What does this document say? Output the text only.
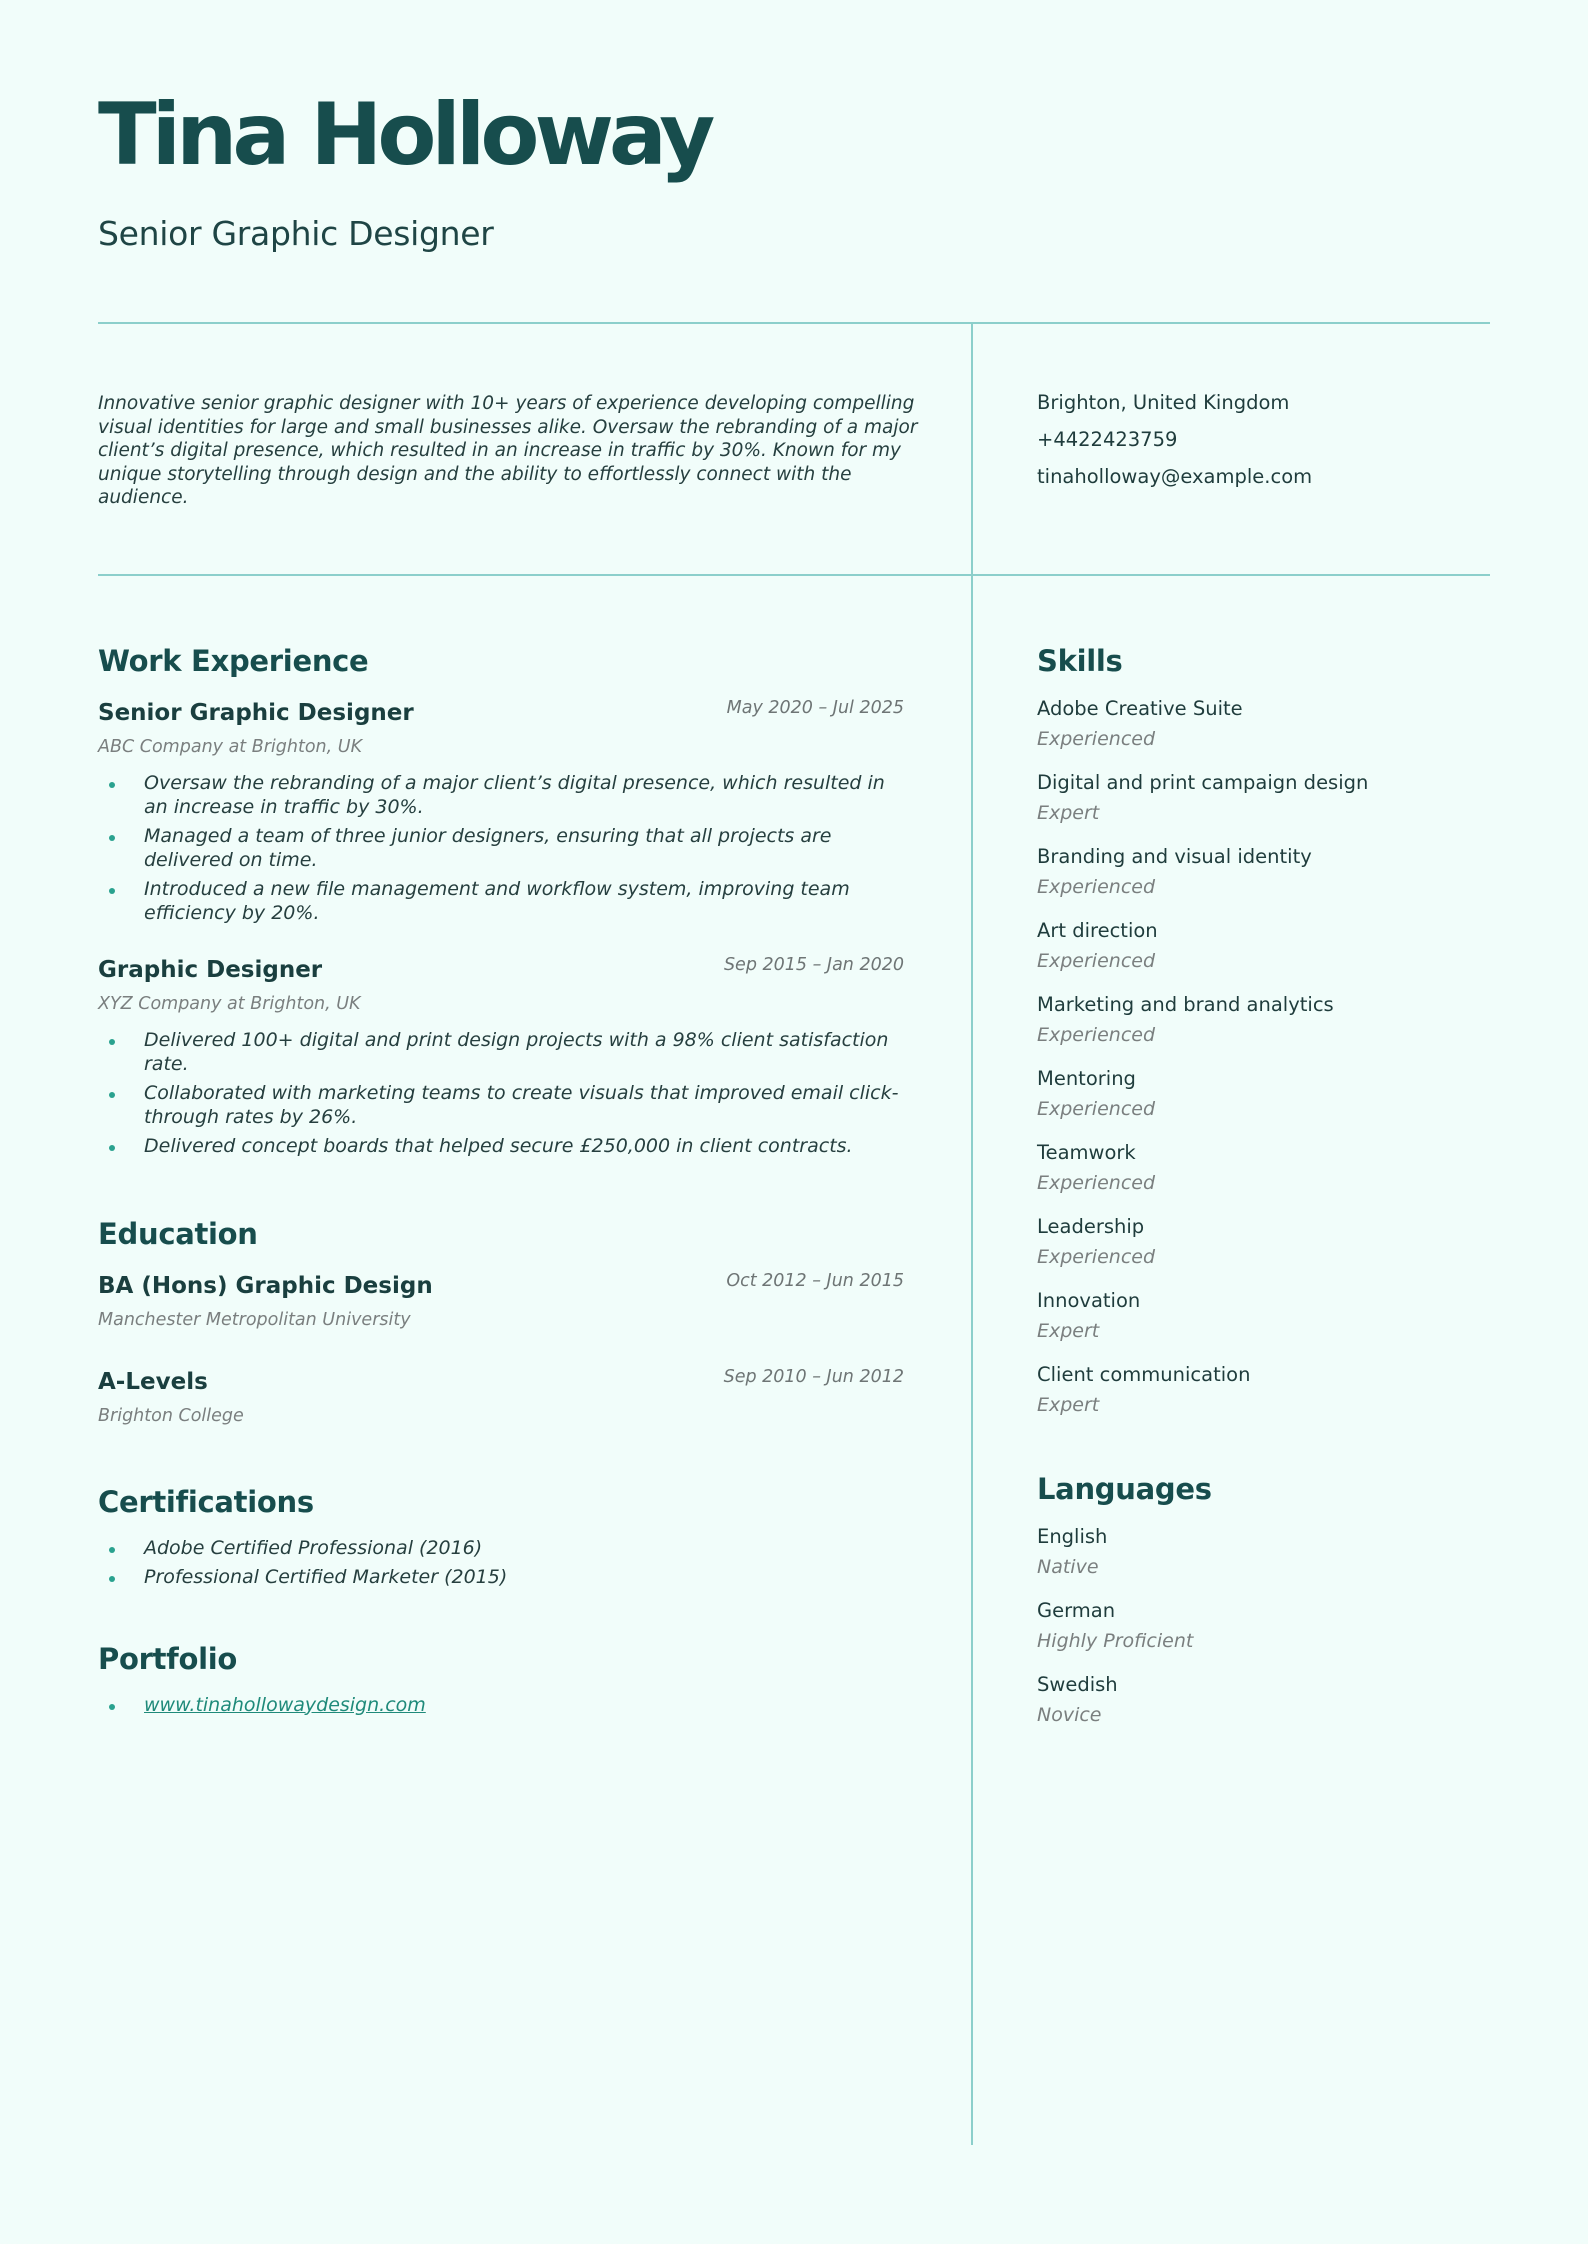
Tina Holloway
Senior Graphic Designer

Innovative senior graphic designer with 10+ years of experience developing compelling visual identities for large and small businesses alike. Oversaw the rebranding of a major client’s digital presence, which resulted in an increase in traffic by 30%. Known for my unique storytelling through design and the ability to effortlessly connect with the audience.

Brighton, United Kingdom
+4422423759
tinaholloway@example.com
Work Experience
Senior Graphic Designer	May 2020 – Jul 2025
ABC Company at Brighton, UK
Oversaw the rebranding of a major client’s digital presence, which resulted in an increase in traffic by 30%.
Managed a team of three junior designers, ensuring that all projects are delivered on time.
Introduced a new file management and workflow system, improving team efficiency by 20%.
Graphic Designer	Sep 2015 – Jan 2020
XYZ Company at Brighton, UK
Delivered 100+ digital and print design projects with a 98% client satisfaction rate.
Collaborated with marketing teams to create visuals that improved email click-through rates by 26%.
Delivered concept boards that helped secure £250,000 in client contracts.
Education
BA (Hons) Graphic Design	Oct 2012 – Jun 2015
Manchester Metropolitan University
A-Levels	Sep 2010 – Jun 2012
Brighton College
Certifications
Adobe Certified Professional (2016)
Professional Certified Marketer (2015)
Portfolio
www.tinahollowaydesign.com
Skills
Adobe Creative Suite
Experienced
Digital and print campaign design
Expert
Branding and visual identity
Experienced
Art direction
Experienced
Marketing and brand analytics
Experienced
Mentoring
Experienced
Teamwork
Experienced
Leadership
Experienced
Innovation
Expert
Client communication
Expert
Languages
English
Native
German
Highly Proficient
Swedish
Novice
